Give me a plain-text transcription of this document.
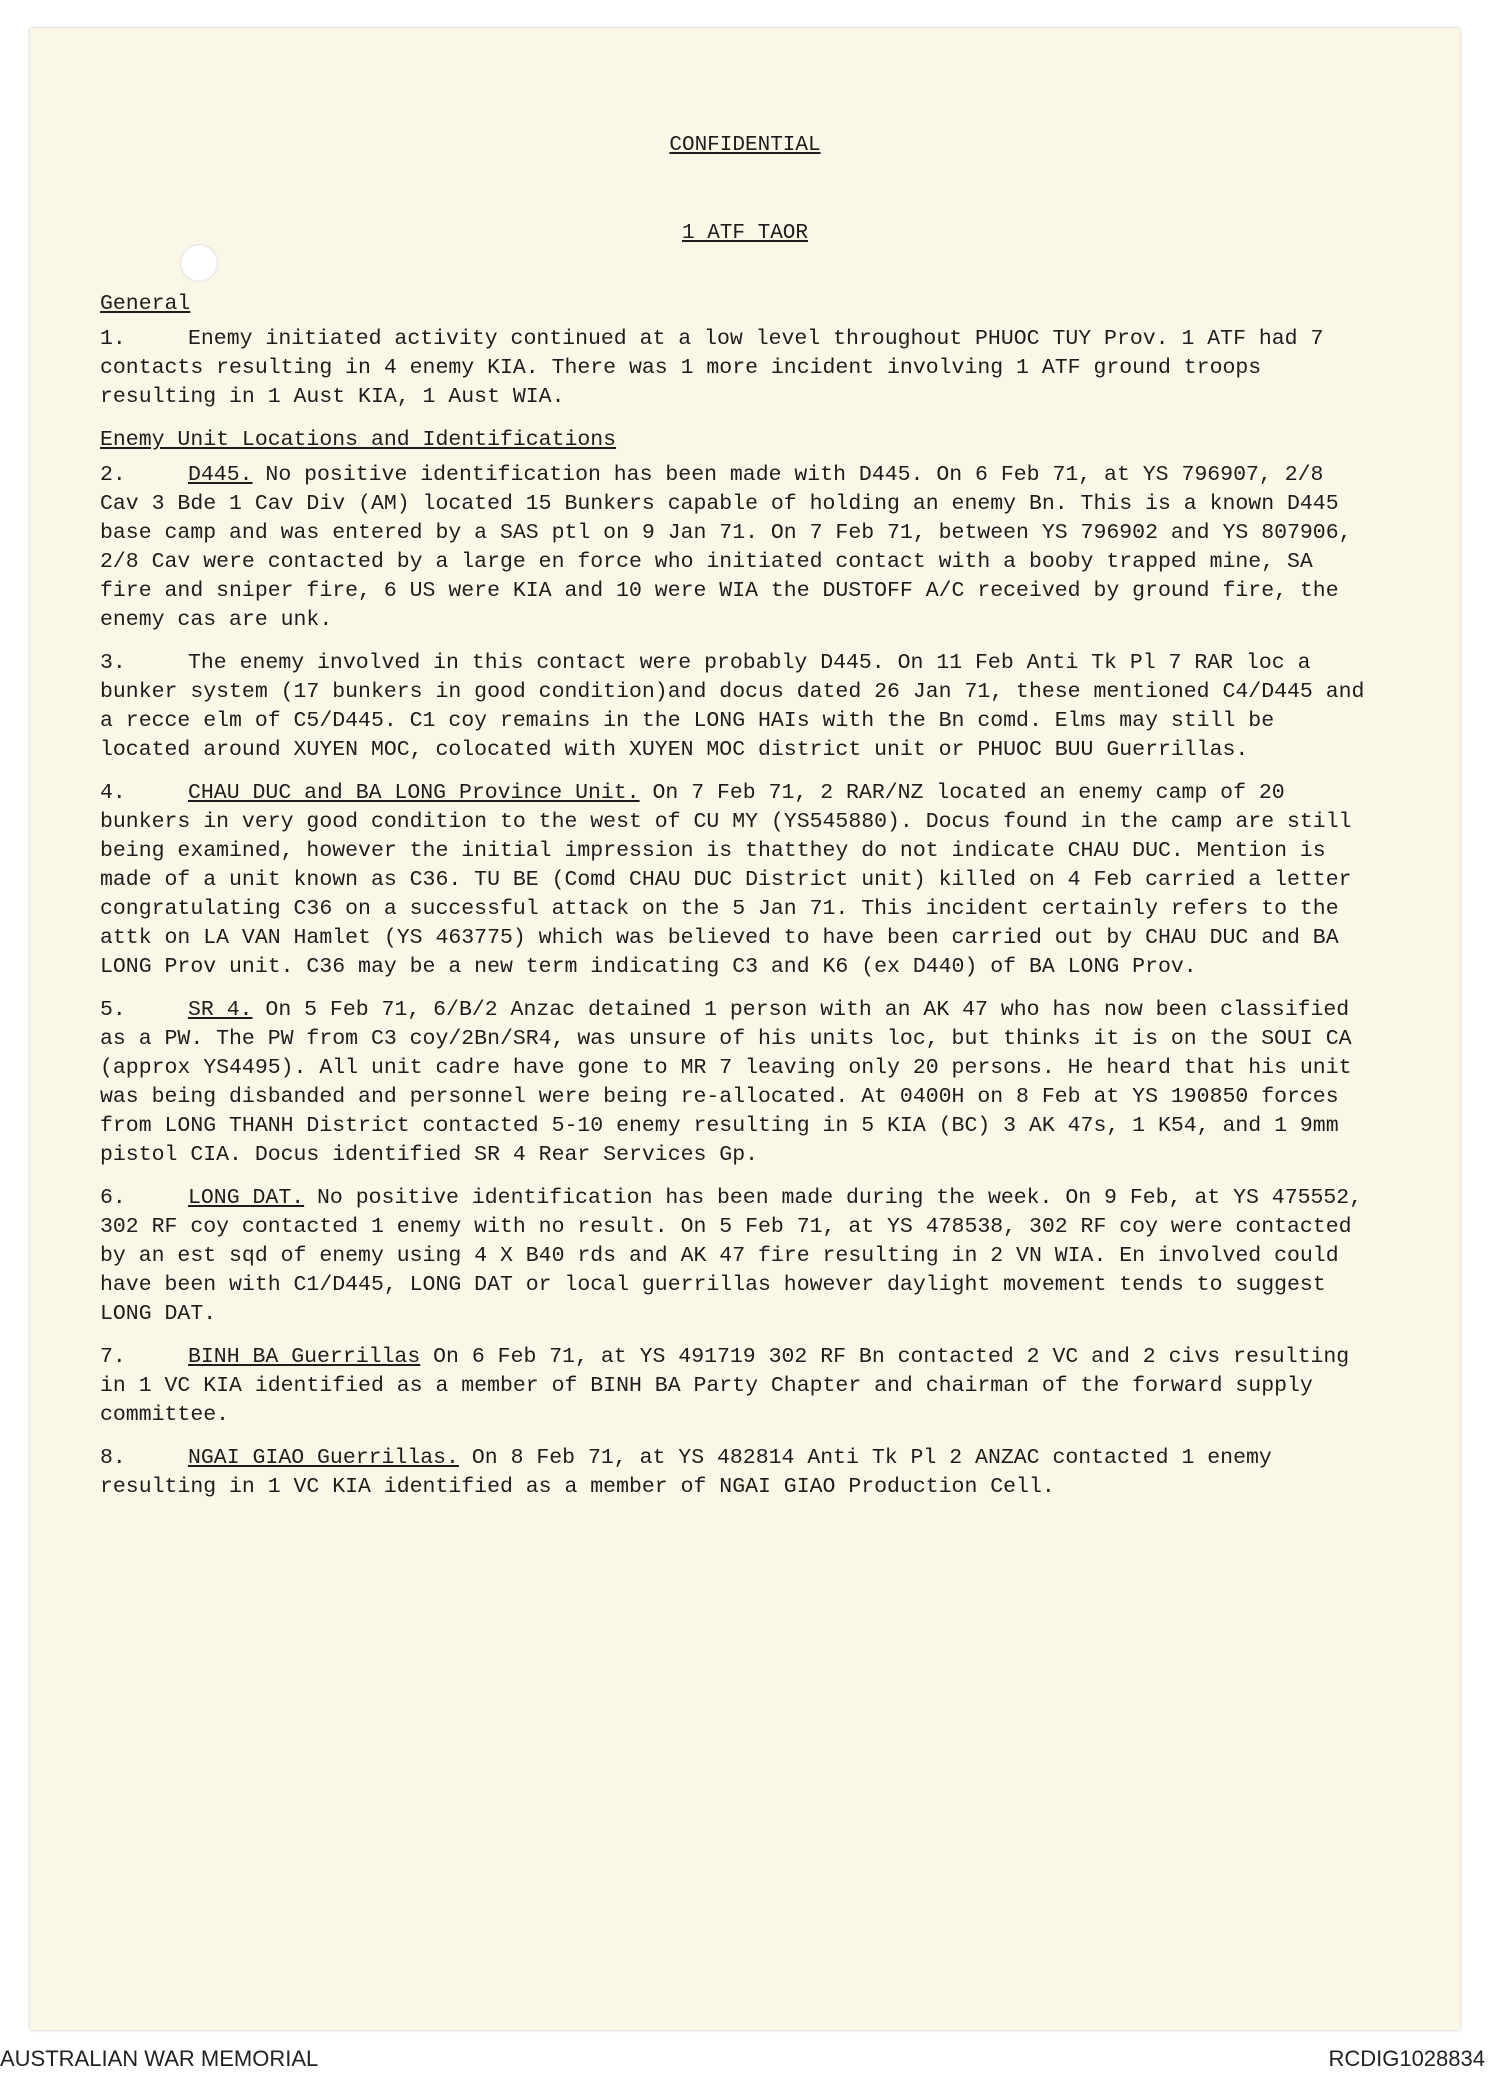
CONFIDENTIAL
1 ATF TAOR
General
1.	Enemy initiated activity continued at a low level throughout PHUOC TUY Prov. 1 ATF had 7 contacts resulting in 4 enemy KIA. There was 1 more incident involving 1 ATF ground troops resulting in 1 Aust KIA, 1 Aust WIA.
Enemy Unit Locations and Identifications
2.	D445. No positive identification has been made with D445. On 6 Feb 71, at YS 796907, 2/8 Cav 3 Bde 1 Cav Div (AM) located 15 Bunkers capable of holding an enemy Bn. This is a known D445 base camp and was entered by a SAS ptl on 9 Jan 71. On 7 Feb 71, between YS 796902 and YS 807906, 2/8 Cav were contacted by a large en force who initiated contact with a booby trapped mine, SA fire and sniper fire, 6 US were KIA and 10 were WIA the DUSTOFF A/C received by ground fire, the enemy cas are unk.
3.	The enemy involved in this contact were probably D445. On 11 Feb Anti Tk Pl 7 RAR loc a bunker system (17 bunkers in good condition)and docus dated 26 Jan 71, these mentioned C4/D445 and a recce elm of C5/D445. C1 coy remains in the LONG HAIs with the Bn comd. Elms may still be located around XUYEN MOC, colocated with XUYEN MOC district unit or PHUOC BUU Guerrillas.
4.	CHAU DUC and BA LONG Province Unit. On 7 Feb 71, 2 RAR/NZ located an enemy camp of 20 bunkers in very good condition to the west of CU MY (YS545880). Docus found in the camp are still being examined, however the initial impression is thatthey do not indicate CHAU DUC. Mention is made of a unit known as C36. TU BE (Comd CHAU DUC District unit) killed on 4 Feb carried a letter congratulating C36 on a successful attack on the 5 Jan 71. This incident certainly refers to the attk on LA VAN Hamlet (YS 463775) which was believed to have been carried out by CHAU DUC and BA LONG Prov unit. C36 may be a new term indicating C3 and K6 (ex D440) of BA LONG Prov.
5.	SR 4. On 5 Feb 71, 6/B/2 Anzac detained 1 person with an AK 47 who has now been classified as a PW. The PW from C3 coy/2Bn/SR4, was unsure of his units loc, but thinks it is on the SOUI CA (approx YS4495). All unit cadre have gone to MR 7 leaving only 20 persons. He heard that his unit was being disbanded and personnel were being re-allocated. At 0400H on 8 Feb at YS 190850 forces from LONG THANH District contacted 5-10 enemy resulting in 5 KIA (BC) 3 AK 47s, 1 K54, and 1 9mm pistol CIA. Docus identified SR 4 Rear Services Gp.
6.	LONG DAT. No positive identification has been made during the week. On 9 Feb, at YS 475552, 302 RF coy contacted 1 enemy with no result. On 5 Feb 71, at YS 478538, 302 RF coy were contacted by an est sqd of enemy using 4 X B40 rds and AK 47 fire resulting in 2 VN WIA. En involved could have been with C1/D445, LONG DAT or local guerrillas however daylight movement tends to suggest LONG DAT.
7.	BINH BA Guerrillas On 6 Feb 71, at YS 491719 302 RF Bn contacted 2 VC and 2 civs resulting in 1 VC KIA identified as a member of BINH BA Party Chapter and chairman of the forward supply committee.
8.	NGAI GIAO Guerrillas. On 8 Feb 71, at YS 482814 Anti Tk Pl 2 ANZAC contacted 1 enemy resulting in 1 VC KIA identified as a member of NGAI GIAO Production Cell.
AUSTRALIAN WAR MEMORIAL	RCDIG1028834
